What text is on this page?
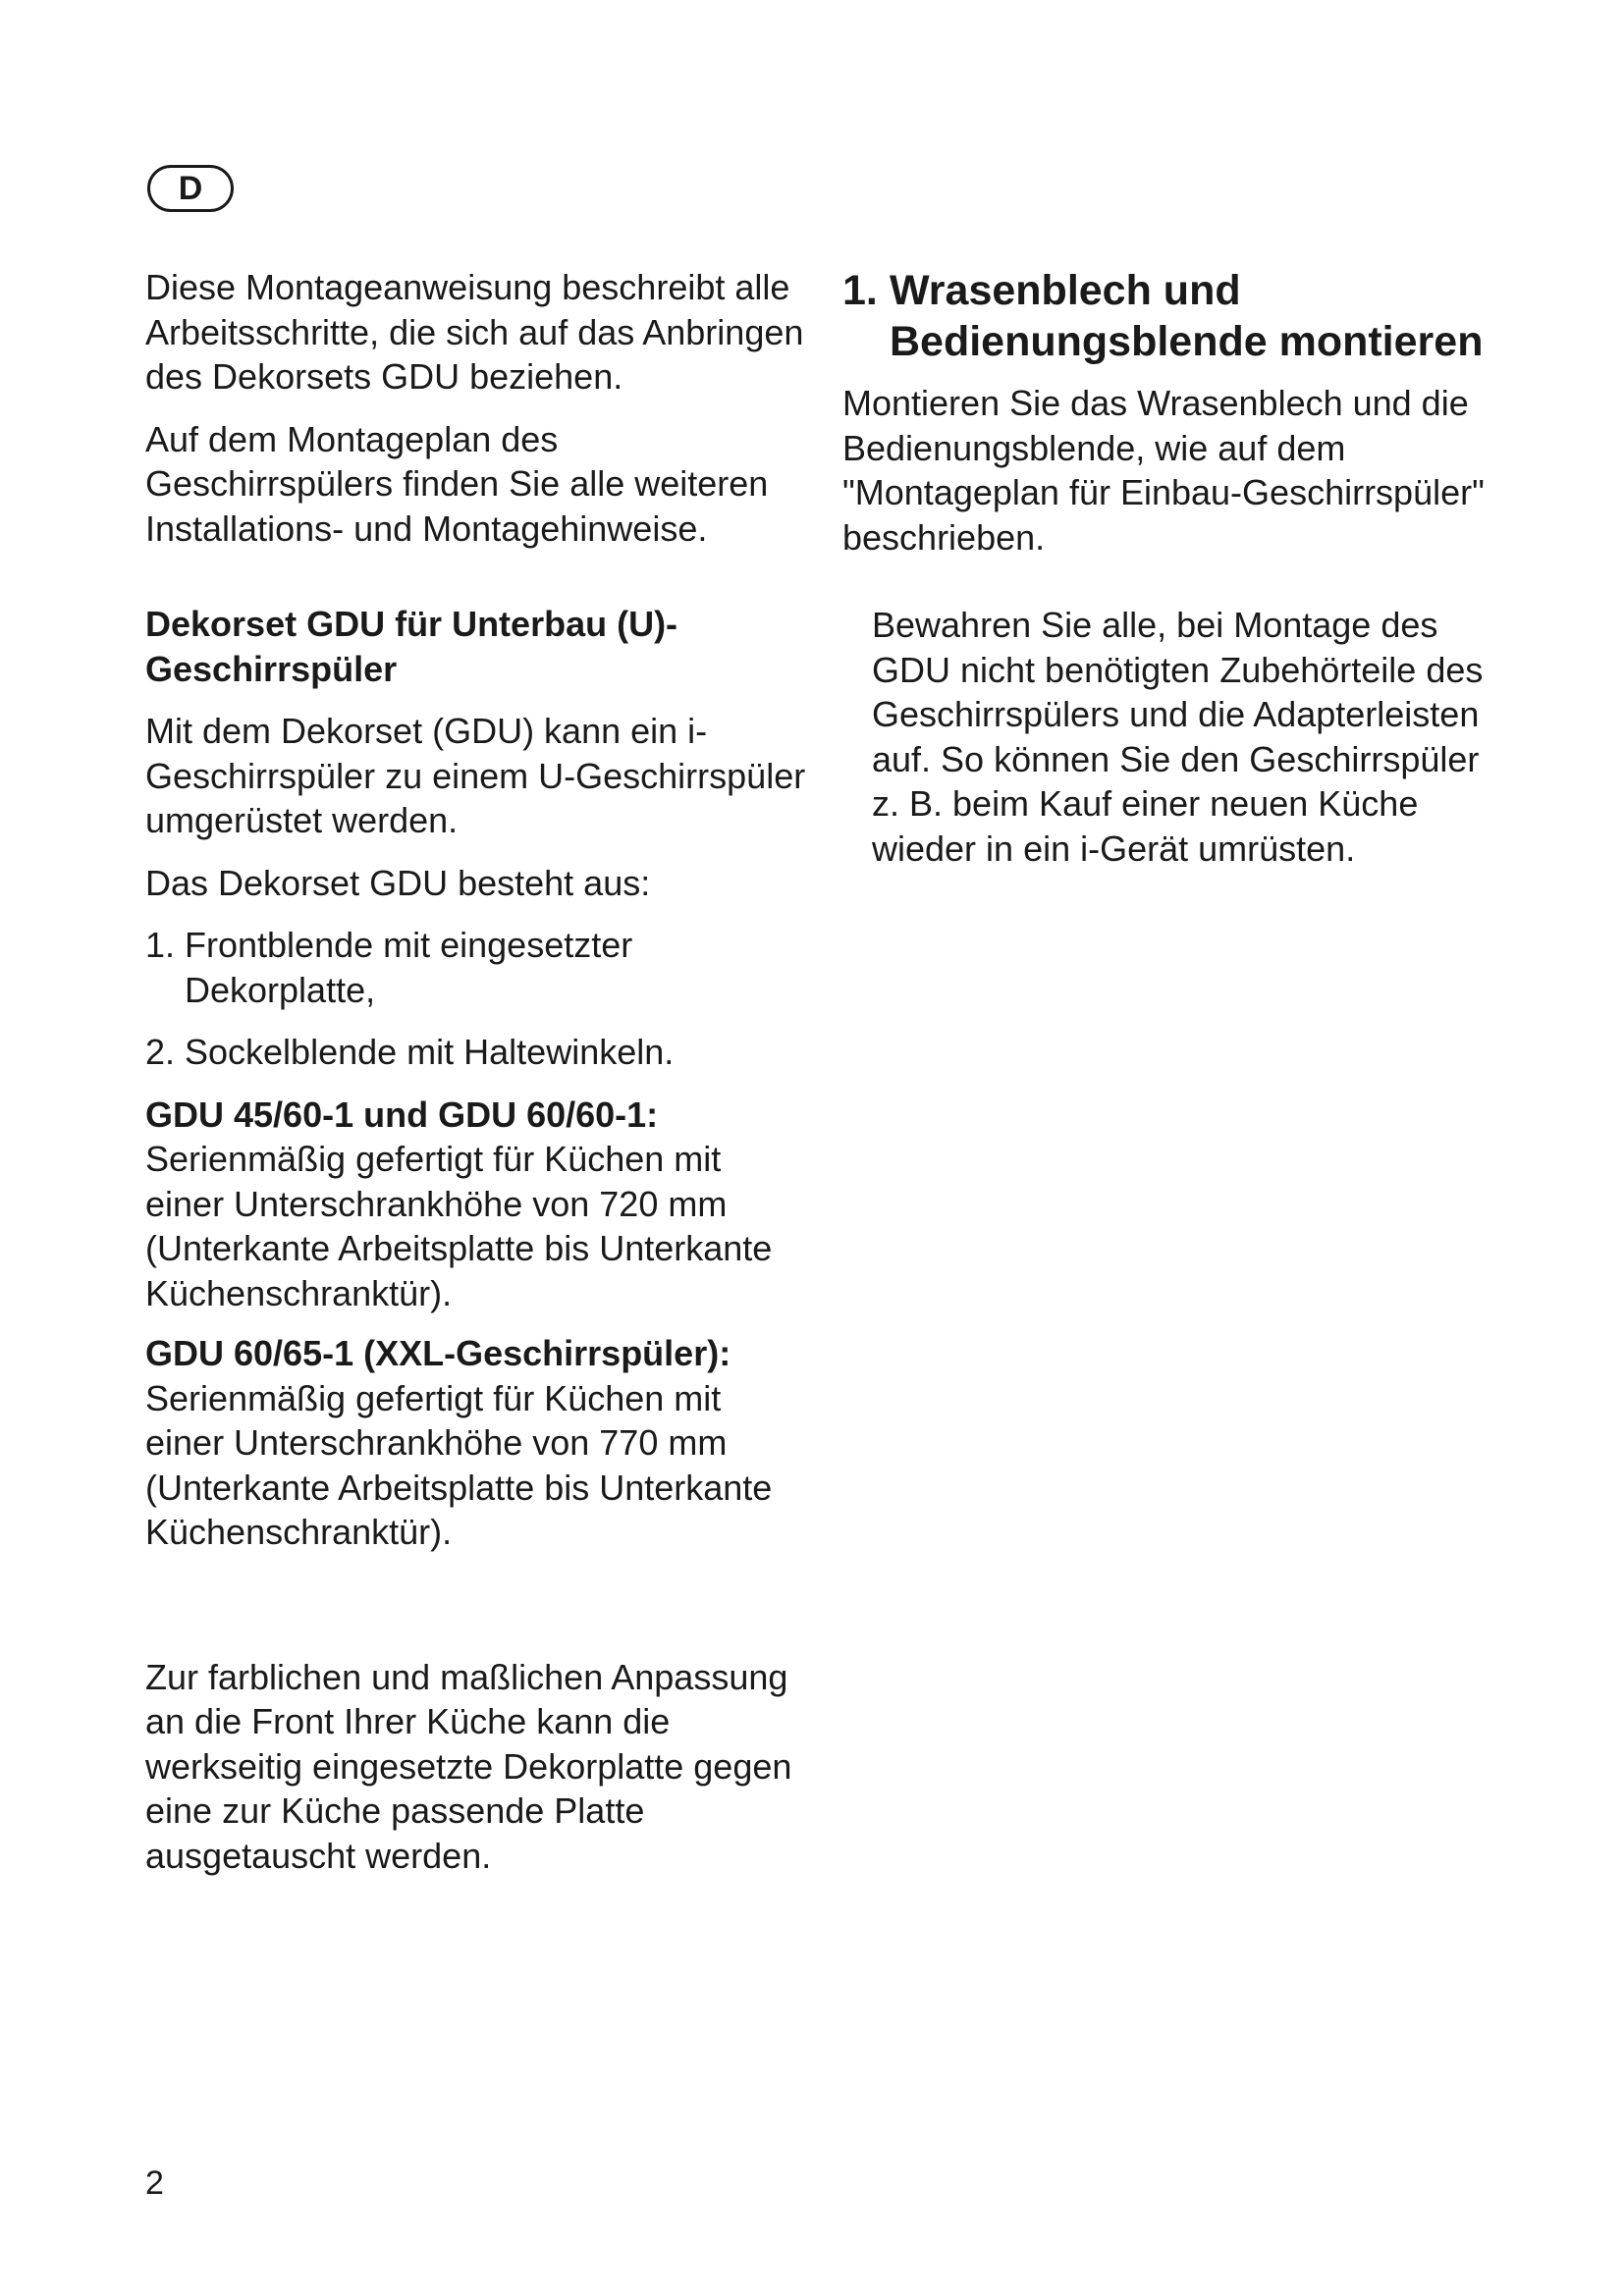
D

Diese Montageanweisung beschreibt alle Arbeitsschritte, die sich auf das Anbringen des Dekorsets GDU beziehen.

Auf dem Montageplan des Geschirrspülers finden Sie alle weiteren Installations- und Montagehinweise.

Dekorset GDU für Unterbau (U)-Geschirrspüler

Mit dem Dekorset (GDU) kann ein i-Geschirrspüler zu einem U-Geschirrspüler umgerüstet werden.

Das Dekorset GDU besteht aus:

1. Frontblende mit eingesetzter Dekorplatte,
2. Sockelblende mit Haltewinkeln.

GDU 45/60-1 und GDU 60/60-1:
Serienmäßig gefertigt für Küchen mit einer Unterschrankhöhe von 720 mm (Unterkante Arbeitsplatte bis Unterkante Küchenschranktür).

GDU 60/65-1 (XXL-Geschirrspüler):
Serienmäßig gefertigt für Küchen mit einer Unterschrankhöhe von 770 mm (Unterkante Arbeitsplatte bis Unterkante Küchenschranktür).

Zur farblichen und maßlichen Anpassung an die Front Ihrer Küche kann die werkseitig eingesetzte Dekorplatte gegen eine zur Küche passende Platte ausgetauscht werden.

1. Wrasenblech und Bedienungsblende montieren

Montieren Sie das Wrasenblech und die Bedienungsblende, wie auf dem "Montageplan für Einbau-Geschirrspüler" beschrieben.

Bewahren Sie alle, bei Montage des GDU nicht benötigten Zubehörteile des Geschirrspülers und die Adapterleisten auf. So können Sie den Geschirrspüler z. B. beim Kauf einer neuen Küche wieder in ein i-Gerät umrüsten.

2
